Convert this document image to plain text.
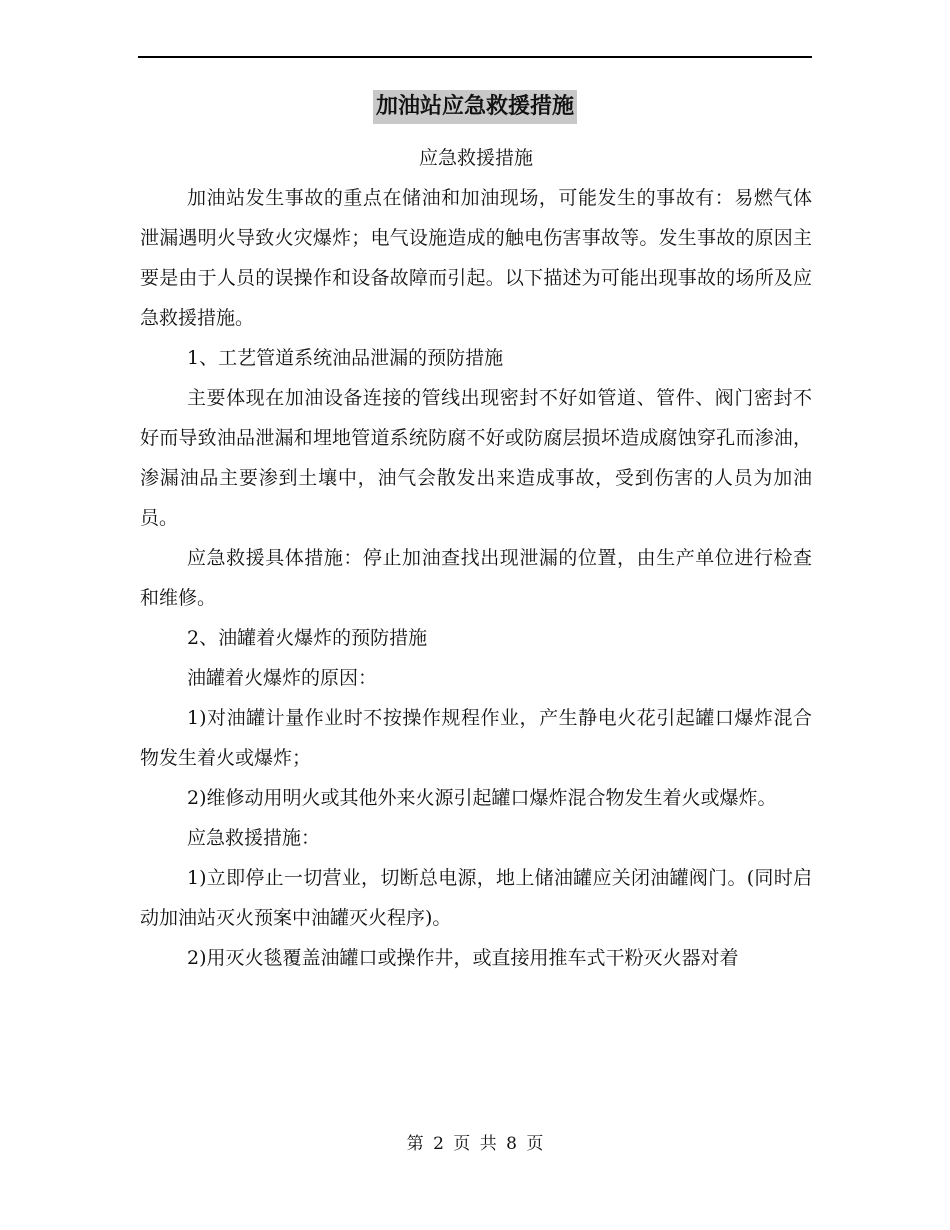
加油站应急救援措施

应急救援措施

加油站发生事故的重点在储油和加油现场，可能发生的事故有：易燃气体泄漏遇明火导致火灾爆炸；电气设施造成的触电伤害事故等。发生事故的原因主要是由于人员的误操作和设备故障而引起。以下描述为可能出现事故的场所及应急救援措施。

1、工艺管道系统油品泄漏的预防措施

主要体现在加油设备连接的管线出现密封不好如管道、管件、阀门密封不好而导致油品泄漏和埋地管道系统防腐不好或防腐层损坏造成腐蚀穿孔而渗油，渗漏油品主要渗到土壤中，油气会散发出来造成事故，受到伤害的人员为加油员。

应急救援具体措施：停止加油查找出现泄漏的位置，由生产单位进行检查和维修。

2、油罐着火爆炸的预防措施

油罐着火爆炸的原因：

1)对油罐计量作业时不按操作规程作业，产生静电火花引起罐口爆炸混合物发生着火或爆炸；

2)维修动用明火或其他外来火源引起罐口爆炸混合物发生着火或爆炸。

应急救援措施：

1)立即停止一切营业，切断总电源，地上储油罐应关闭油罐阀门。(同时启动加油站灭火预案中油罐灭火程序)。

2)用灭火毯覆盖油罐口或操作井，或直接用推车式干粉灭火器对着

第 2 页 共 8 页
